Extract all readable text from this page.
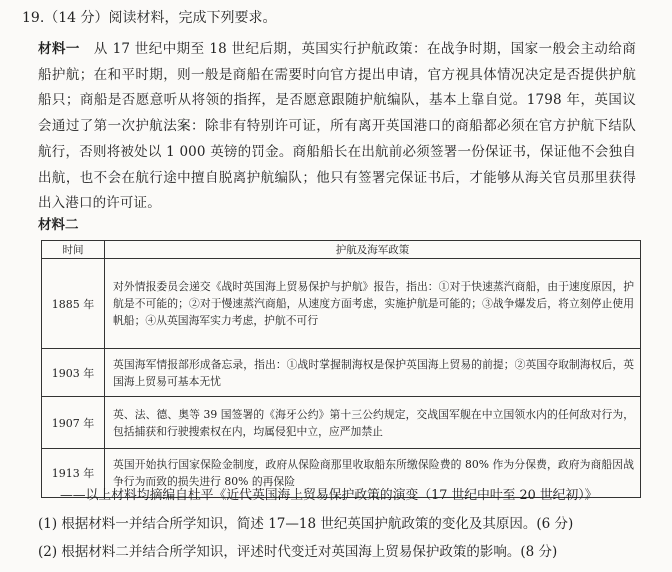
19.（14 分）阅读材料，完成下列要求。
材料一 从 17 世纪中期至 18 世纪后期，英国实行护航政策：在战争时期，国家一般会主动给商船护航；在和平时期，则一般是商船在需要时向官方提出申请，官方视具体情况决定是否提供护航船只；商船是否愿意听从将领的指挥，是否愿意跟随护航编队，基本上靠自觉。1798 年，英国议会通过了第一次护航法案：除非有特别许可证，所有离开英国港口的商船都必须在官方护航下结队航行，否则将被处以 1 000 英镑的罚金。商船船长在出航前必须签署一份保证书，保证他不会独自出航，也不会在航行途中擅自脱离护航编队；他只有签署完保证书后，才能够从海关官员那里获得出入港口的许可证。
材料二
时间	护航及海军政策
1885 年	对外情报委员会递交《战时英国海上贸易保护与护航》报告，指出：①对于快速蒸汽商船，由于速度原因，护航是不可能的；②对于慢速蒸汽商船，从速度方面考虑，实施护航是可能的；③战争爆发后，将立刻停止使用帆船；④从英国海军实力考虑，护航不可行
1903 年	英国海军情报部形成备忘录，指出：①战时掌握制海权是保护英国海上贸易的前提；②英国夺取制海权后，英国海上贸易可基本无忧
1907 年	英、法、德、奥等 39 国签署的《海牙公约》第十三公约规定，交战国军舰在中立国领水内的任何敌对行为，包括捕获和行驶搜索权在内，均属侵犯中立，应严加禁止
1913 年	英国开始执行国家保险金制度，政府从保险商那里收取船东所缴保险费的 80% 作为分保费，政府为商船因战争行为而致的损失进行 80% 的再保险
——以上材料均摘编自杜平《近代英国海上贸易保护政策的演变（17 世纪中叶至 20 世纪初）》
(1) 根据材料一并结合所学知识，简述 17—18 世纪英国护航政策的变化及其原因。(6 分)
(2) 根据材料二并结合所学知识，评述时代变迁对英国海上贸易保护政策的影响。(8 分)
